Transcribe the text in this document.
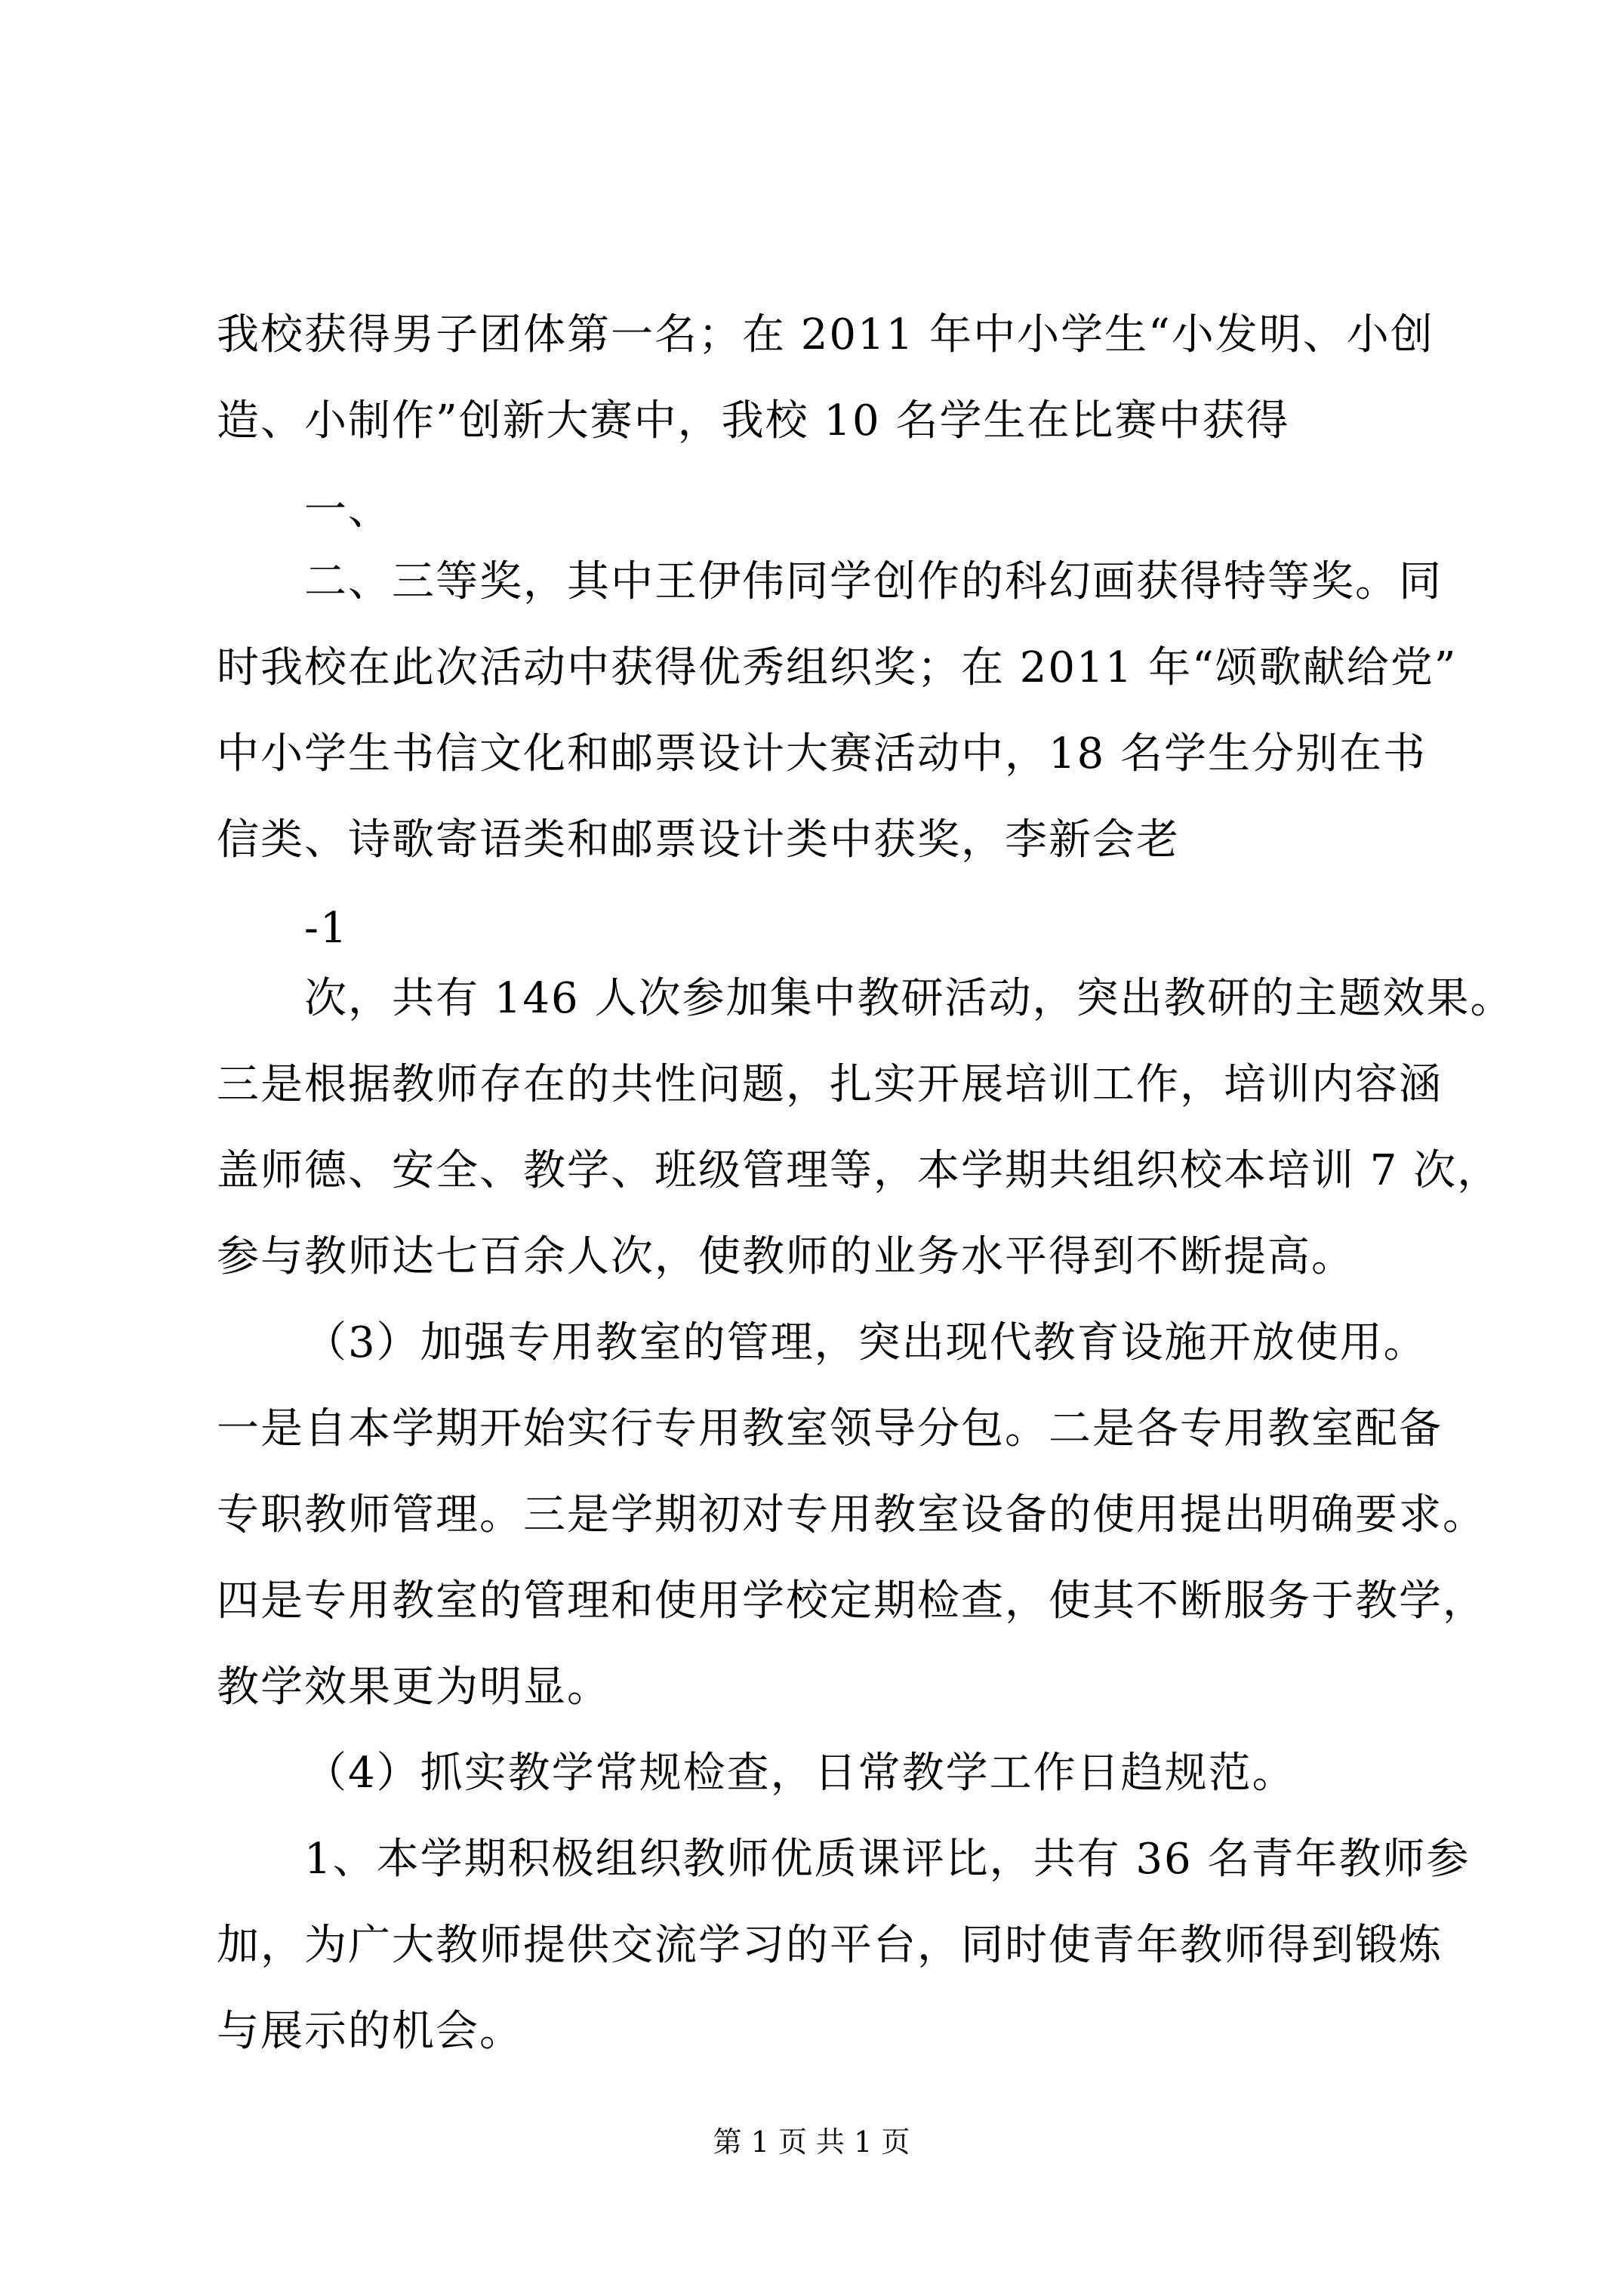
我校获得男子团体第一名；在 2011 年中小学生“小发明、小创
造、小制作”创新大赛中，我校 10 名学生在比赛中获得
一、
二、三等奖，其中王伊伟同学创作的科幻画获得特等奖。同
时我校在此次活动中获得优秀组织奖；在 2011 年“颂歌献给党”
中小学生书信文化和邮票设计大赛活动中，18 名学生分别在书
信类、诗歌寄语类和邮票设计类中获奖，李新会老
-1
次，共有 146 人次参加集中教研活动，突出教研的主题效果。
三是根据教师存在的共性问题，扎实开展培训工作，培训内容涵
盖师德、安全、教学、班级管理等，本学期共组织校本培训 7 次，
参与教师达七百余人次，使教师的业务水平得到不断提高。
（3）加强专用教室的管理，突出现代教育设施开放使用。
一是自本学期开始实行专用教室领导分包。二是各专用教室配备
专职教师管理。三是学期初对专用教室设备的使用提出明确要求。
四是专用教室的管理和使用学校定期检查，使其不断服务于教学，
教学效果更为明显。
（4）抓实教学常规检查，日常教学工作日趋规范。
1、本学期积极组织教师优质课评比，共有 36 名青年教师参
加，为广大教师提供交流学习的平台，同时使青年教师得到锻炼
与展示的机会。
第 1 页 共 1 页
